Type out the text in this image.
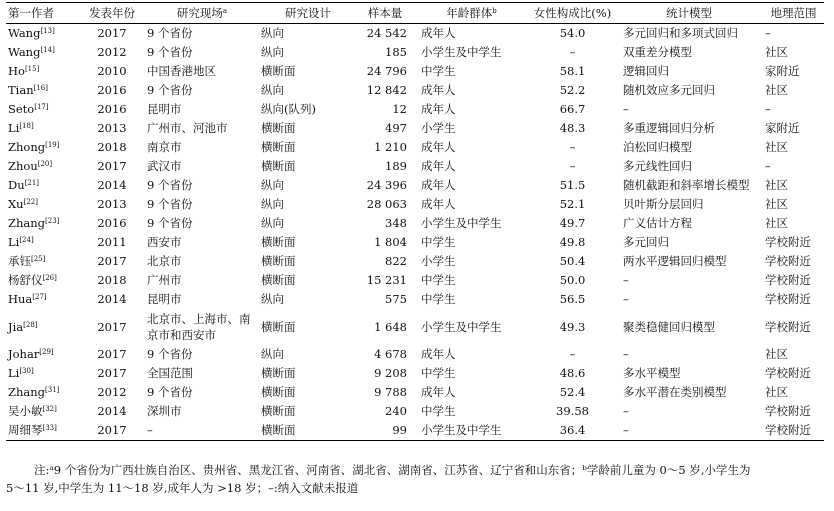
第一作者	发表年份	研究现场$^a$	研究设计	样本量	年龄群体$^b$	女性构成比(%)	统计模型	地理范围
Wang[13]	2017	9 个省份	纵向	24 542	成年人	54.0	多元回归和多项式回归	–
Wang[14]	2012	9 个省份	纵向	185	小学生及中学生	–	双重差分模型	社区
Ho[15]	2010	中国香港地区	横断面	24 796	中学生	58.1	逻辑回归	家附近
Tian[16]	2016	9 个省份	纵向	12 842	成年人	52.2	随机效应多元回归	社区
Seto[17]	2016	昆明市	纵向(队列)	12	成年人	66.7	–	–
Li[18]	2013	广州市、河池市	横断面	497	小学生	48.3	多重逻辑回归分析	家附近
Zhong[19]	2018	南京市	横断面	1 210	成年人	–	泊松回归模型	社区
Zhou[20]	2017	武汉市	横断面	189	成年人	–	多元线性回归	–
Du[21]	2014	9 个省份	纵向	24 396	成年人	51.5	随机截距和斜率增长模型	社区
Xu[22]	2013	9 个省份	纵向	28 063	成年人	52.1	贝叶斯分层回归	社区
Zhang[23]	2016	9 个省份	纵向	348	小学生及中学生	49.7	广义估计方程	社区
Li[24]	2011	西安市	横断面	1 804	中学生	49.8	多元回归	学校附近
承钰[25]	2017	北京市	横断面	822	小学生	50.4	两水平逻辑回归模型	学校附近
杨舒仪[26]	2018	广州市	横断面	15 231	中学生	50.0	–	学校附近
Hua[27]	2014	昆明市	纵向	575	中学生	56.5	–	学校附近
Jia[28]	2017	北京市、上海市、南京市和西安市	横断面	1 648	小学生及中学生	49.3	聚类稳健回归模型	学校附近
Johar[29]	2017	9 个省份	纵向	4 678	成年人	–	–	社区
Li[30]	2017	全国范围	横断面	9 208	中学生	48.6	多水平模型	学校附近
Zhang[31]	2012	9 个省份	横断面	9 788	成年人	52.4	多水平潜在类别模型	社区
吴小敏[32]	2014	深圳市	横断面	240	中学生	39.58	–	学校附近
周细琴[33]	2017	–	横断面	99	小学生及中学生	36.4	–	学校附近
注:ᵃ9 个省份为广西壮族自治区、贵州省、黑龙江省、河南省、湖北省、湖南省、江苏省、辽宁省和山东省；ᵇ学龄前儿童为 0～5 岁,小学生为
5～11 岁,中学生为 11～18 岁,成年人为 >18 岁；–:纳入文献未报道
